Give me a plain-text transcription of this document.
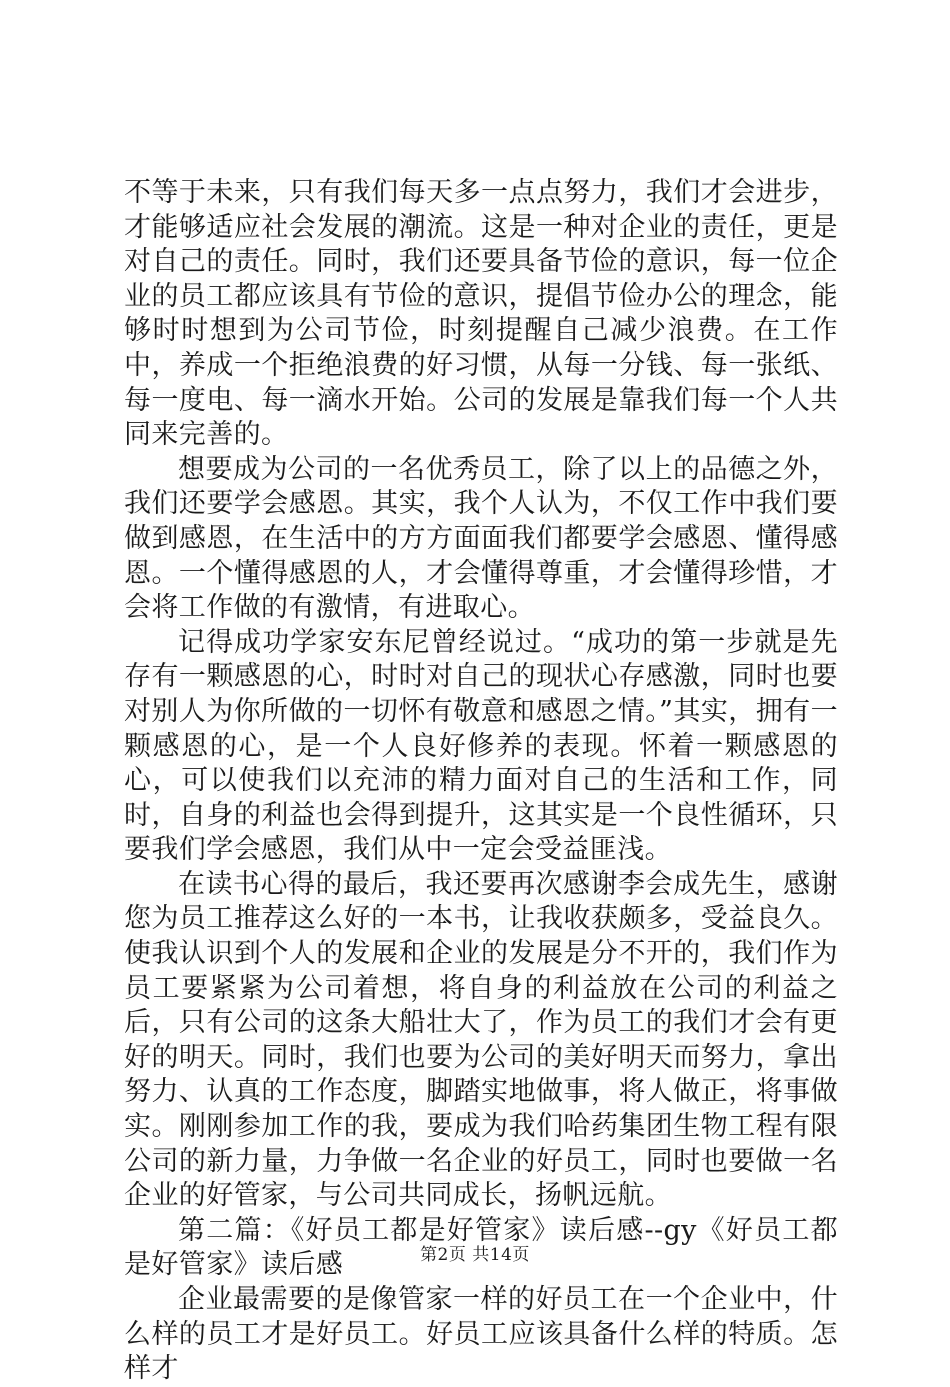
不等于未来，只有我们每天多一点点努力，我们才会进步，才能够适应社会发展的潮流。这是一种对企业的责任，更是对自己的责任。同时，我们还要具备节俭的意识，每一位企业的员工都应该具有节俭的意识，提倡节俭办公的理念，能够时时想到为公司节俭，时刻提醒自己减少浪费。在工作中，养成一个拒绝浪费的好习惯，从每一分钱、每一张纸、每一度电、每一滴水开始。公司的发展是靠我们每一个人共同来完善的。

想要成为公司的一名优秀员工，除了以上的品德之外，我们还要学会感恩。其实，我个人认为，不仅工作中我们要做到感恩，在生活中的方方面面我们都要学会感恩、懂得感恩。一个懂得感恩的人，才会懂得尊重，才会懂得珍惜，才会将工作做的有激情，有进取心。

记得成功学家安东尼曾经说过。“成功的第一步就是先存有一颗感恩的心，时时对自己的现状心存感激，同时也要对别人为你所做的一切怀有敬意和感恩之情。”其实，拥有一颗感恩的心，是一个人良好修养的表现。怀着一颗感恩的心，可以使我们以充沛的精力面对自己的生活和工作，同时，自身的利益也会得到提升，这其实是一个良性循环，只要我们学会感恩，我们从中一定会受益匪浅。

在读书心得的最后，我还要再次感谢李会成先生，感谢您为员工推荐这么好的一本书，让我收获颇多，受益良久。使我认识到个人的发展和企业的发展是分不开的，我们作为员工要紧紧为公司着想，将自身的利益放在公司的利益之后，只有公司的这条大船壮大了，作为员工的我们才会有更好的明天。同时，我们也要为公司的美好明天而努力，拿出努力、认真的工作态度，脚踏实地做事，将人做正，将事做实。刚刚参加工作的我，要成为我们哈药集团生物工程有限公司的新力量，力争做一名企业的好员工，同时也要做一名企业的好管家，与公司共同成长，扬帆远航。

第二篇：《好员工都是好管家》读后感--gy《好员工都是好管家》读后感

企业最需要的是像管家一样的好员工在一个企业中，什么样的员工才是好员工。好员工应该具备什么样的特质。怎样才

第2页 共14页
